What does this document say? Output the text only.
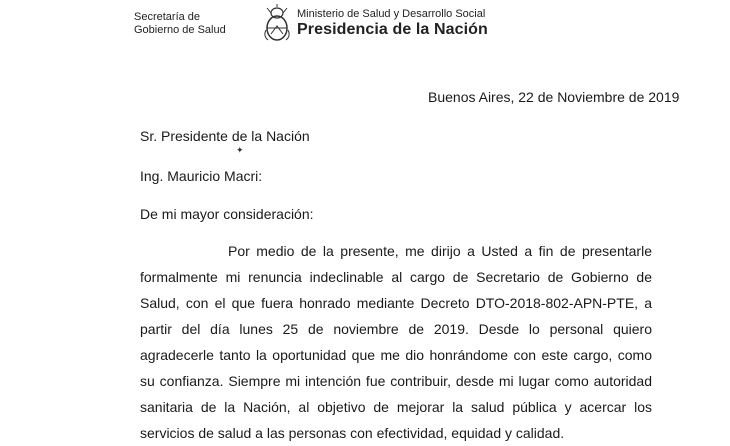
Secretaría de
Gobierno de Salud
Ministerio de Salud y Desarrollo Social
Presidencia de la Nación
Buenos Aires, 22 de Noviembre de 2019
Sr. Presidente de la Nación
✦
Ing. Mauricio Macri:
De mi mayor consideración:

Por medio de la presente, me dirijo a Usted a fin de presentarle formalmente mi renuncia indeclinable al cargo de Secretario de Gobierno de Salud, con el que fuera honrado mediante Decreto DTO-2018-802-APN-PTE, a partir del día lunes 25 de noviembre de 2019. Desde lo personal quiero agradecerle tanto la oportunidad que me dio honrándome con este cargo, como su confianza. Siempre mi intención fue contribuir, desde mi lugar como autoridad sanitaria de la Nación, al objetivo de mejorar la salud pública y acercar los servicios de salud a las personas con efectividad, equidad y calidad.
